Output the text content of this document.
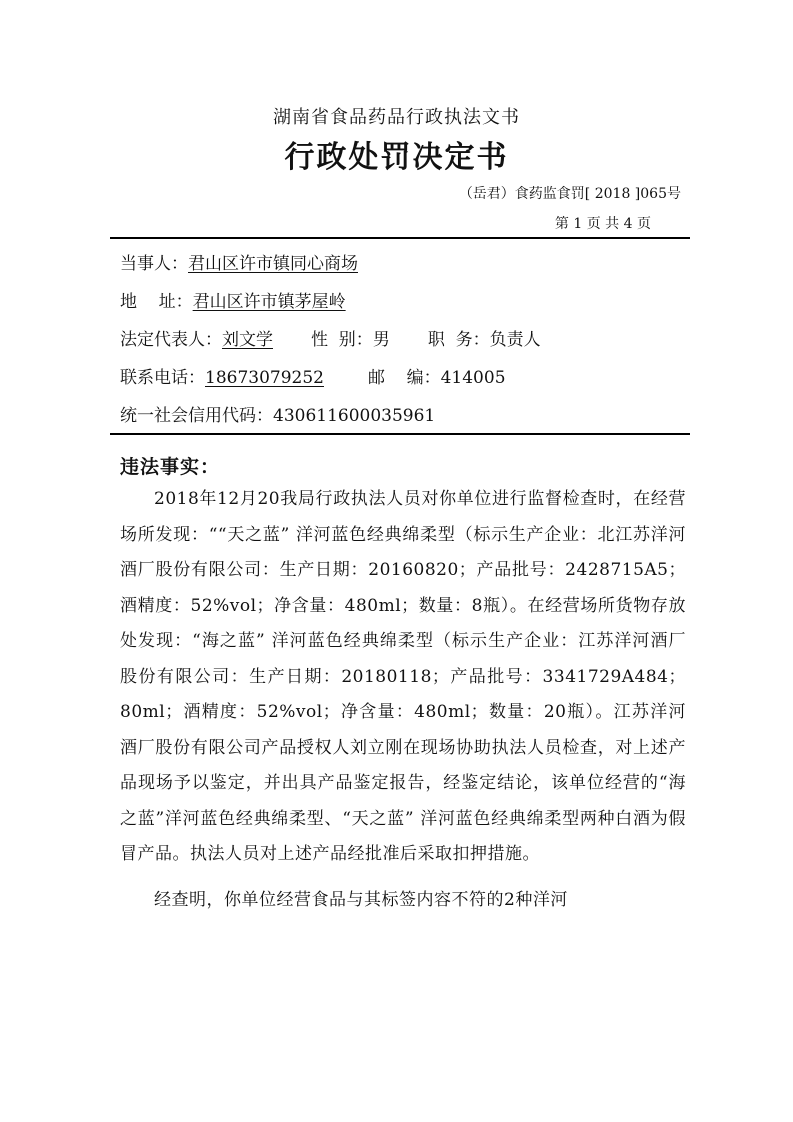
湖南省食品药品行政执法文书
行政处罚决定书
（岳君）食药监食罚[ 2018 ]065号
第 1 页 共 4 页
当事人：君山区许市镇同心商场
地    址：君山区许市镇茅屋岭
法定代表人：刘文学 性  别：男 职  务：负责人
联系电话：18673079252	邮    编：414005
统一社会信用代码：430611600035961
违法事实：

2018年12月20我局行政执法人员对你单位进行监督检查时，在经营场所发现：““天之蓝” 洋河蓝色经典绵柔型（标示生产企业：北江苏洋河酒厂股份有限公司：生产日期：20160820；产品批号：2428715A5；酒精度：52%vol；净含量：480ml；数量：8瓶）。在经营场所货物存放处发现：“海之蓝” 洋河蓝色经典绵柔型（标示生产企业：江苏洋河酒厂股份有限公司：生产日期：20180118；产品批号：3341729A484；80ml；酒精度：52%vol；净含量：480ml；数量：20瓶）。江苏洋河酒厂股份有限公司产品授权人刘立刚在现场协助执法人员检查，对上述产品现场予以鉴定，并出具产品鉴定报告，经鉴定结论，该单位经营的“海之蓝”洋河蓝色经典绵柔型、“天之蓝” 洋河蓝色经典绵柔型两种白酒为假冒产品。执法人员对上述产品经批准后采取扣押措施。

经查明，你单位经营食品与其标签内容不符的2种洋河
